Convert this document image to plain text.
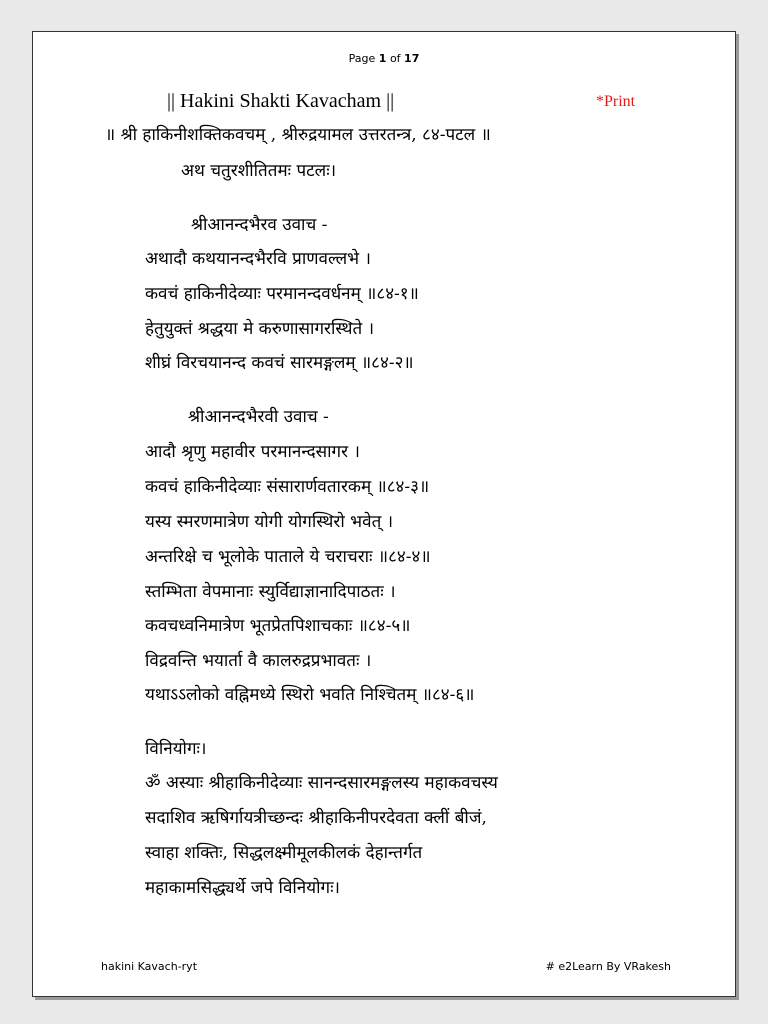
Page 1 of 17
|| Hakini Shakti Kavacham ||	*Print
॥ श्री हाकिनीशक्तिकवचम् , श्रीरुद्रयामल उत्तरतन्त्र, ८४-पटल ॥
अथ चतुरशीतितमः पटलः।
श्रीआनन्दभैरव उवाच -
अथादौ कथयानन्दभैरवि प्राणवल्लभे ।
कवचं हाकिनीदेव्याः परमानन्दवर्धनम् ॥८४-१॥
हेतुयुक्तं श्रद्धया मे करुणासागरस्थिते ।
शीघ्रं विरचयानन्द कवचं सारमङ्गलम् ॥८४-२॥
श्रीआनन्दभैरवी उवाच -
आदौ श्रृणु महावीर परमानन्दसागर ।
कवचं हाकिनीदेव्याः संसारार्णवतारकम् ॥८४-३॥
यस्य स्मरणमात्रेण योगी योगस्थिरो भवेत् ।
अन्तरिक्षे च भूलोके पाताले ये चराचराः ॥८४-४॥
स्तम्भिता वेपमानाः स्युर्विद्याज्ञानादिपाठतः ।
कवचध्वनिमात्रेण भूतप्रेतपिशाचकाः ॥८४-५॥
विद्रवन्ति भयार्ता वै कालरुद्रप्रभावतः ।
यथाऽऽलोको वह्निमध्ये स्थिरो भवति निश्चितम् ॥८४-६॥
विनियोगः।
ॐ अस्याः श्रीहाकिनीदेव्याः सानन्दसारमङ्गलस्य महाकवचस्य
सदाशिव ऋषिर्गायत्रीच्छन्दः श्रीहाकिनीपरदेवता क्लीं बीजं,
स्वाहा शक्तिः, सिद्धलक्ष्मीमूलकीलकं देहान्तर्गत
महाकामसिद्ध्यर्थे जपे विनियोगः।
hakini Kavach-ryt	# e2Learn By VRakesh
